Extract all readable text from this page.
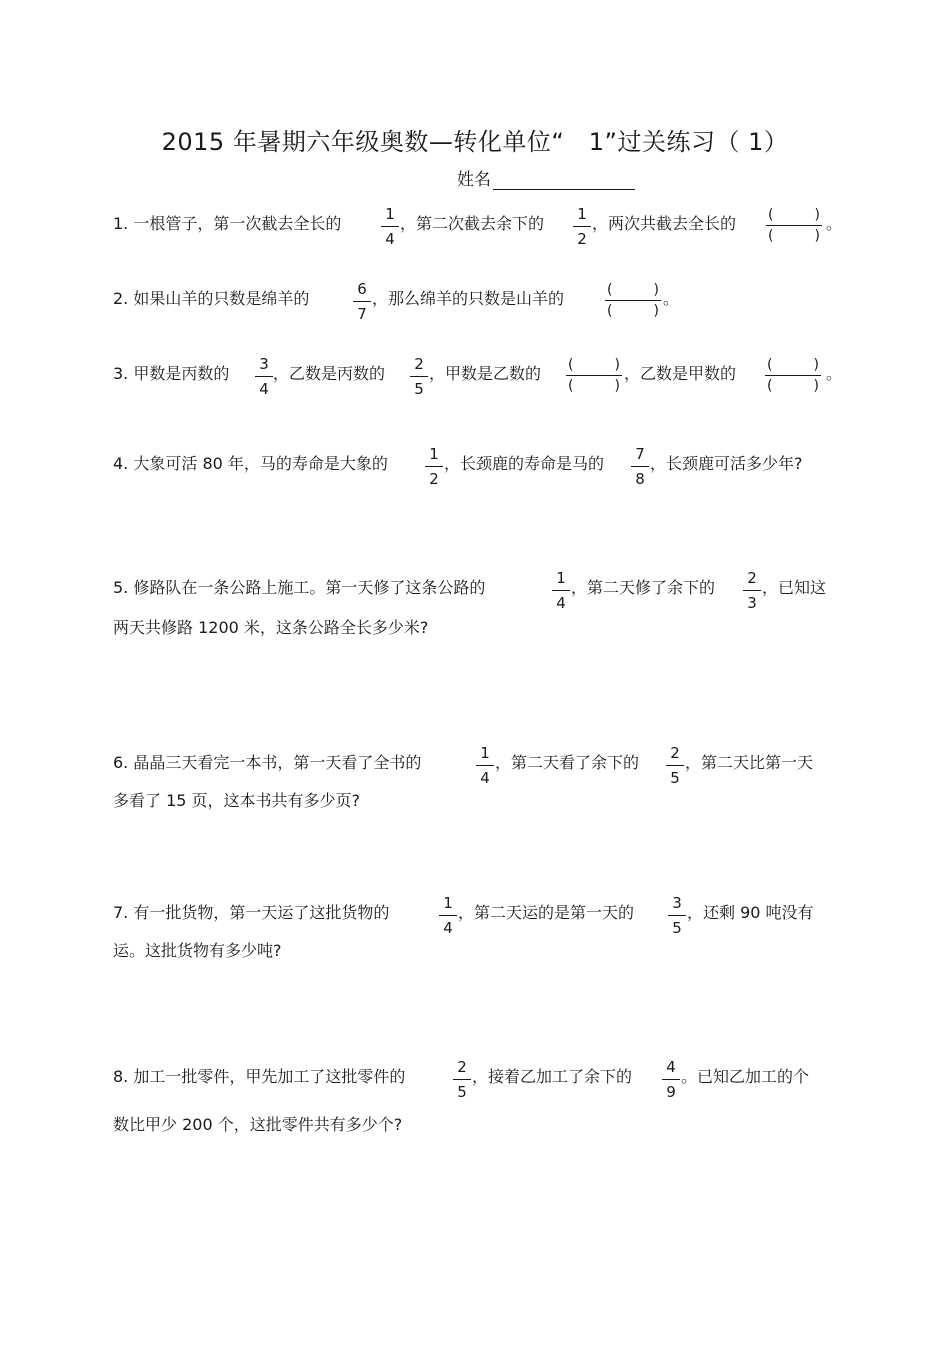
2015 年暑期六年级奥数—转化单位“　1”过关练习（ 1）
姓名
1. 一根管子，第一次截去全长的	1
4
，第二次截去余下的	1
2
，两次共截去全长的 (	)
(	)
。
2. 如果山羊的只数是绵羊的	6
7
，那么绵羊的只数是山羊的	(	)
(	)
。
3. 甲数是丙数的	3
4
，乙数是丙数的	2
5
，甲数是乙数的 (	)
(	)
，乙数是甲数的 (	)
(	)
。
4. 大象可活 80 年，马的寿命是大象的	1
2
，长颈鹿的寿命是马的	7
8
，长颈鹿可活多少年?
5. 修路队在一条公路上施工。第一天修了这条公路的	1
4
，第二天修了余下的	2
3
，已知这
两天共修路 1200 米，这条公路全长多少米?
6. 晶晶三天看完一本书，第一天看了全书的	1
4
，第二天看了余下的	2
5
，第二天比第一天
多看了 15 页，这本书共有多少页?
7. 有一批货物，第一天运了这批货物的	1
4
，第二天运的是第一天的	3
5
，还剩 90 吨没有
运。这批货物有多少吨?
8. 加工一批零件，甲先加工了这批零件的	2
5
，接着乙加工了余下的	4
9
。已知乙加工的个
数比甲少 200 个，这批零件共有多少个?
